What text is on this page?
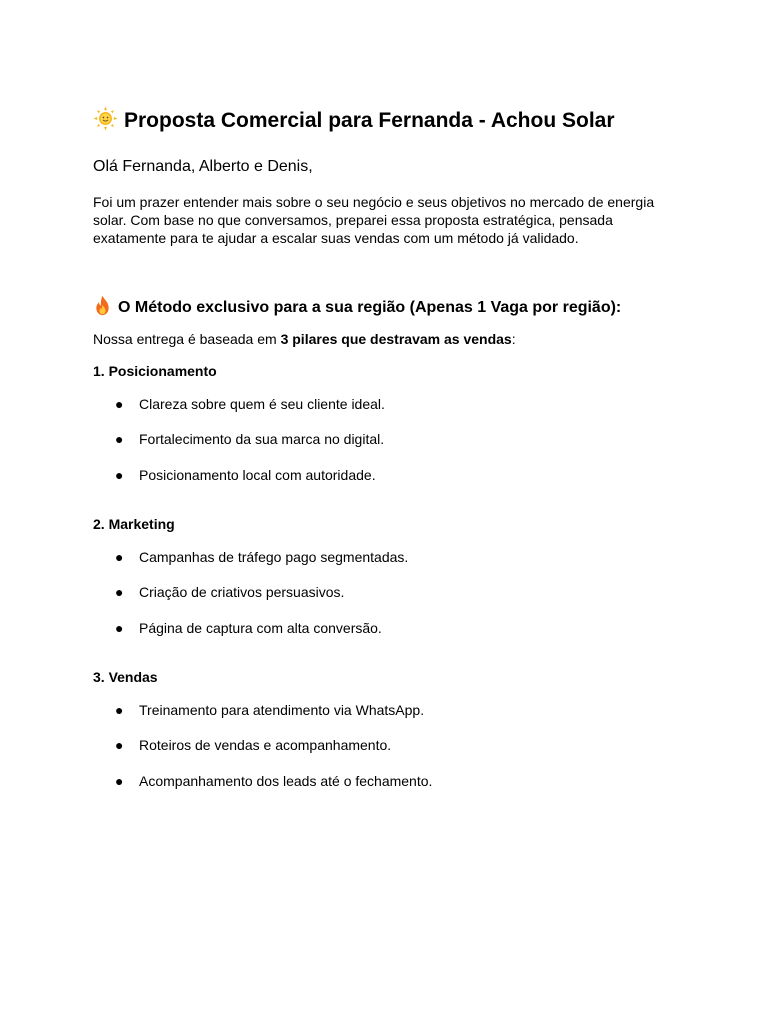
Proposta Comercial para Fernanda - Achou Solar
Olá Fernanda, Alberto e Denis,
Foi um prazer entender mais sobre o seu negócio e seus objetivos no mercado de energia solar. Com base no que conversamos, preparei essa proposta estratégica, pensada exatamente para te ajudar a escalar suas vendas com um método já validado.
O Método exclusivo para a sua região (Apenas 1 Vaga por região):
Nossa entrega é baseada em 3 pilares que destravam as vendas:
1. Posicionamento
●	Clareza sobre quem é seu cliente ideal.
●	Fortalecimento da sua marca no digital.
●	Posicionamento local com autoridade.
2. Marketing
●	Campanhas de tráfego pago segmentadas.
●	Criação de criativos persuasivos.
●	Página de captura com alta conversão.
3. Vendas
●	Treinamento para atendimento via WhatsApp.
●	Roteiros de vendas e acompanhamento.
●	Acompanhamento dos leads até o fechamento.
